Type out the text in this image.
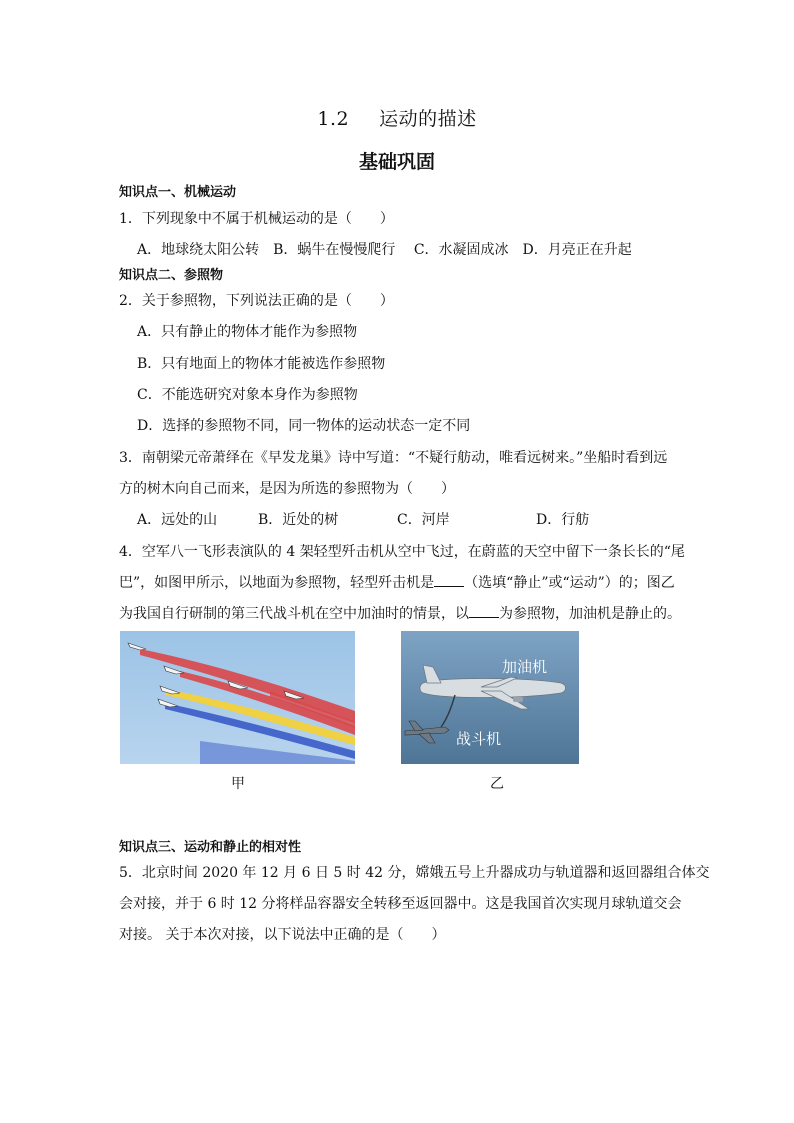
1.2 运动的描述
基础巩固
知识点一、机械运动
1．下列现象中不属于机械运动的是（　　）
A．地球绕太阳公转　B．蜗牛在慢慢爬行　 C．水凝固成冰　D．月亮正在升起
知识点二、参照物
2．关于参照物，下列说法正确的是（　　）
A．只有静止的物体才能作为参照物
B．只有地面上的物体才能被选作参照物
C．不能选研究对象本身作为参照物
D．选择的参照物不同，同一物体的运动状态一定不同
3．南朝梁元帝萧绎在《早发龙巢》诗中写道：“不疑行舫动，唯看远树来。”坐船时看到远
方的树木向自己而来，是因为所选的参照物为（　　）
A．远处的山	B．近处的树	C．河岸	D．行舫
4．空军八一飞形表演队的 4 架轻型歼击机从空中飞过，在蔚蓝的天空中留下一条长长的“尾
巴”，如图甲所示，以地面为参照物，轻型歼击机是 （选填“静止”或“运动”）的；图乙
为我国自行研制的第三代战斗机在空中加油时的情景，以 为参照物，加油机是静止的。
甲
加油机
战斗机
乙
知识点三、运动和静止的相对性
5．北京时间 2020 年 12 月 6 日 5 时 42 分，嫦娥五号上升器成功与轨道器和返回器组合体交
会对接，并于 6 时 12 分将样品容器安全转移至返回器中。这是我国首次实现月球轨道交会
对接。 关于本次对接，以下说法中正确的是（　　）
